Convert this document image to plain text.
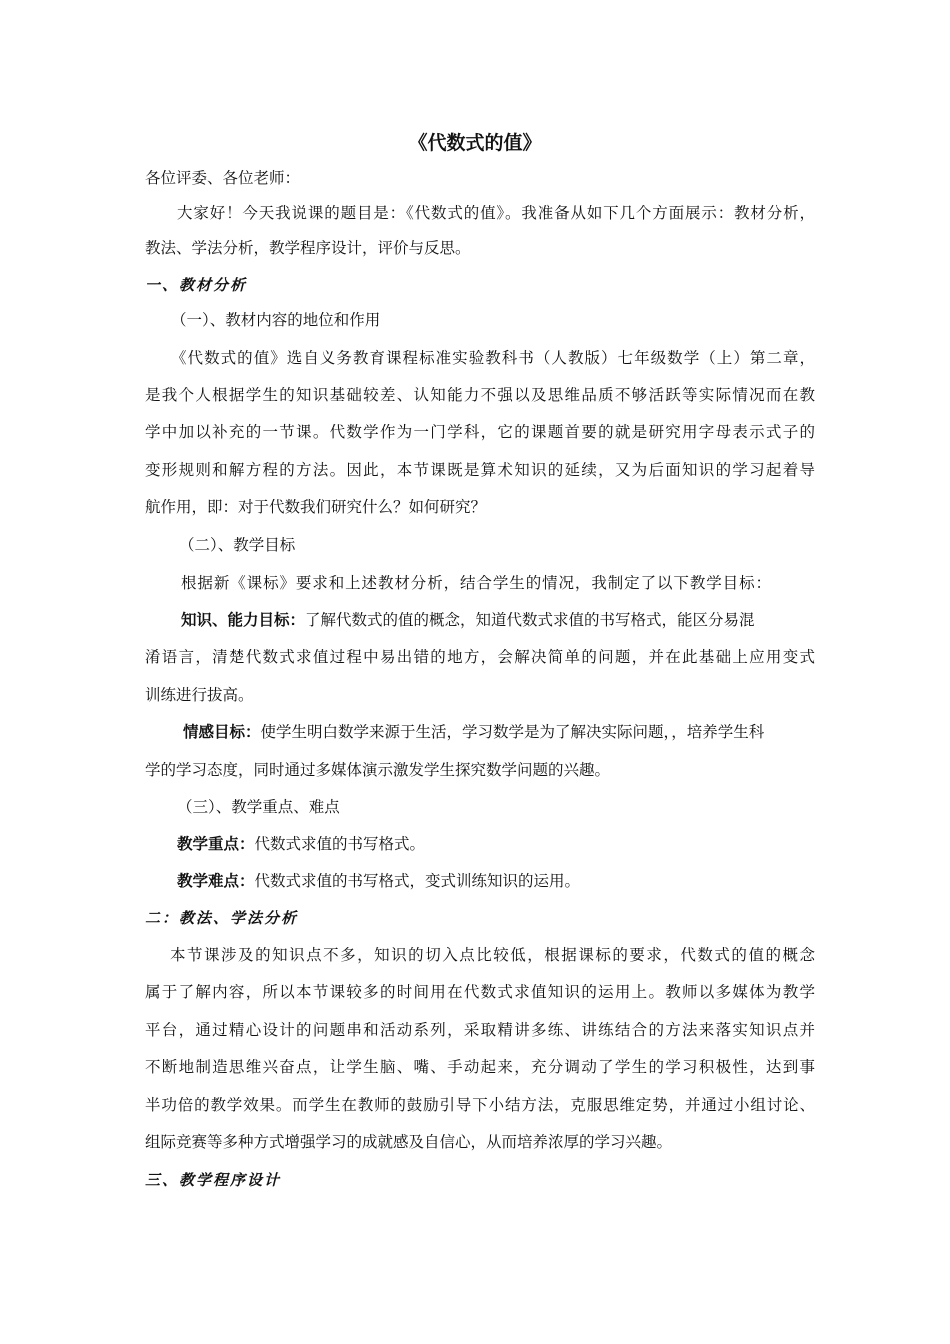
《代数式的值》
各位评委、各位老师：
大家好！今天我说课的题目是：《代数式的值》。我准备从如下几个方面展示：教材分析，
教法、学法分析，教学程序设计，评价与反思。
一、教材分析
（一）、教材内容的地位和作用
《代数式的值》选自义务教育课程标准实验教科书（人教版）七年级数学（上）第二章，
是我个人根据学生的知识基础较差、认知能力不强以及思维品质不够活跃等实际情况而在教
学中加以补充的一节课。代数学作为一门学科，它的课题首要的就是研究用字母表示式子的
变形规则和解方程的方法。因此，本节课既是算术知识的延续，又为后面知识的学习起着导
航作用，即：对于代数我们研究什么？如何研究？
（二）、教学目标
根据新《课标》要求和上述教材分析，结合学生的情况，我制定了以下教学目标：
知识、能力目标：了解代数式的值的概念，知道代数式求值的书写格式，能区分易混
淆语言，清楚代数式求值过程中易出错的地方，会解决简单的问题，并在此基础上应用变式
训练进行拔高。
情感目标：使学生明白数学来源于生活，学习数学是为了解决实际问题，，培养学生科
学的学习态度，同时通过多媒体演示激发学生探究数学问题的兴趣。
（三）、教学重点、难点
教学重点：代数式求值的书写格式。
教学难点：代数式求值的书写格式，变式训练知识的运用。
二：教法、学法分析
本节课涉及的知识点不多，知识的切入点比较低，根据课标的要求，代数式的值的概念
属于了解内容，所以本节课较多的时间用在代数式求值知识的运用上。教师以多媒体为教学
平台，通过精心设计的问题串和活动系列，采取精讲多练、讲练结合的方法来落实知识点并
不断地制造思维兴奋点，让学生脑、嘴、手动起来，充分调动了学生的学习积极性，达到事
半功倍的教学效果。而学生在教师的鼓励引导下小结方法，克服思维定势，并通过小组讨论、
组际竞赛等多种方式增强学习的成就感及自信心，从而培养浓厚的学习兴趣。
三、教学程序设计
